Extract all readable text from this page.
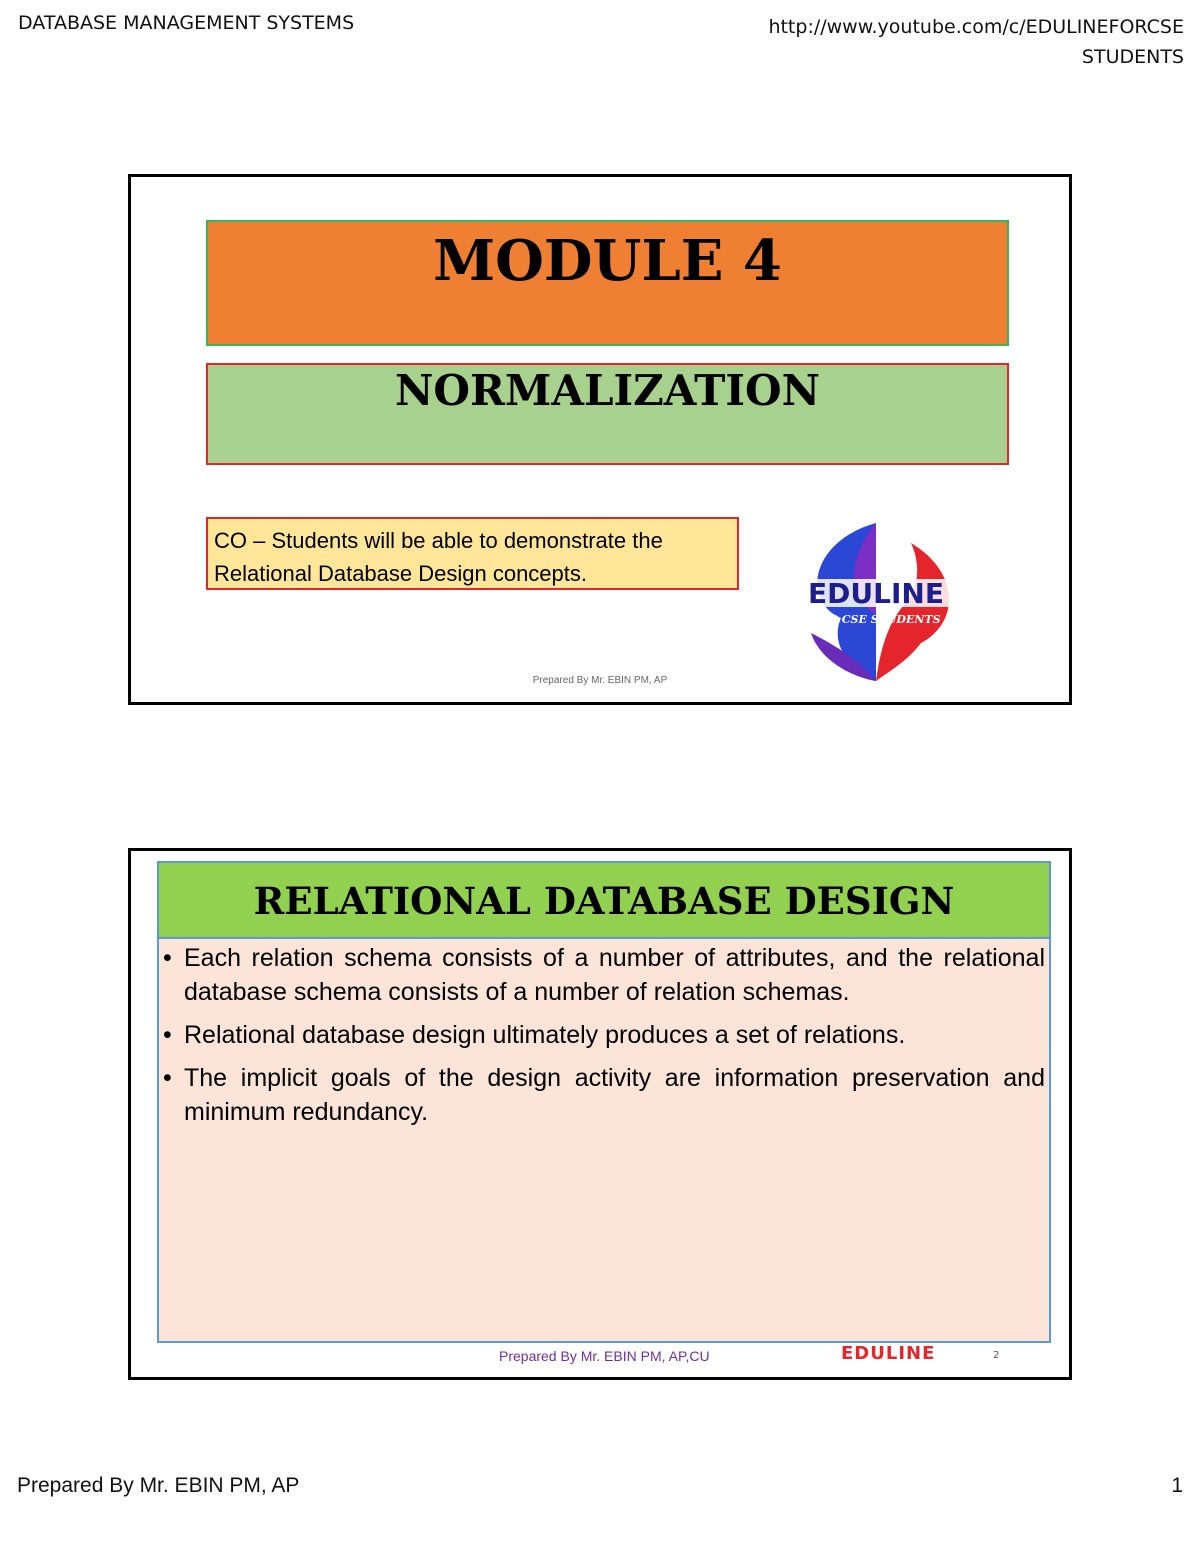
DATABASE MANAGEMENT SYSTEMS	http://www.youtube.com/c/EDULINEFORCSE
STUDENTS
MODULE 4
NORMALIZATION
CO – Students will be able to demonstrate the Relational Database Design concepts.
EDULINE
FOR CSE STUDENTS
Prepared By Mr. EBIN PM, AP
RELATIONAL DATABASE DESIGN
• Each relation schema consists of a number of attributes, and the relational database schema consists of a number of relation schemas.
• Relational database design ultimately produces a set of relations.
• The implicit goals of the design activity are information preservation and minimum redundancy.
Prepared By Mr. EBIN PM, AP,CU	EDULINE	2
Prepared By Mr. EBIN PM, AP	1
